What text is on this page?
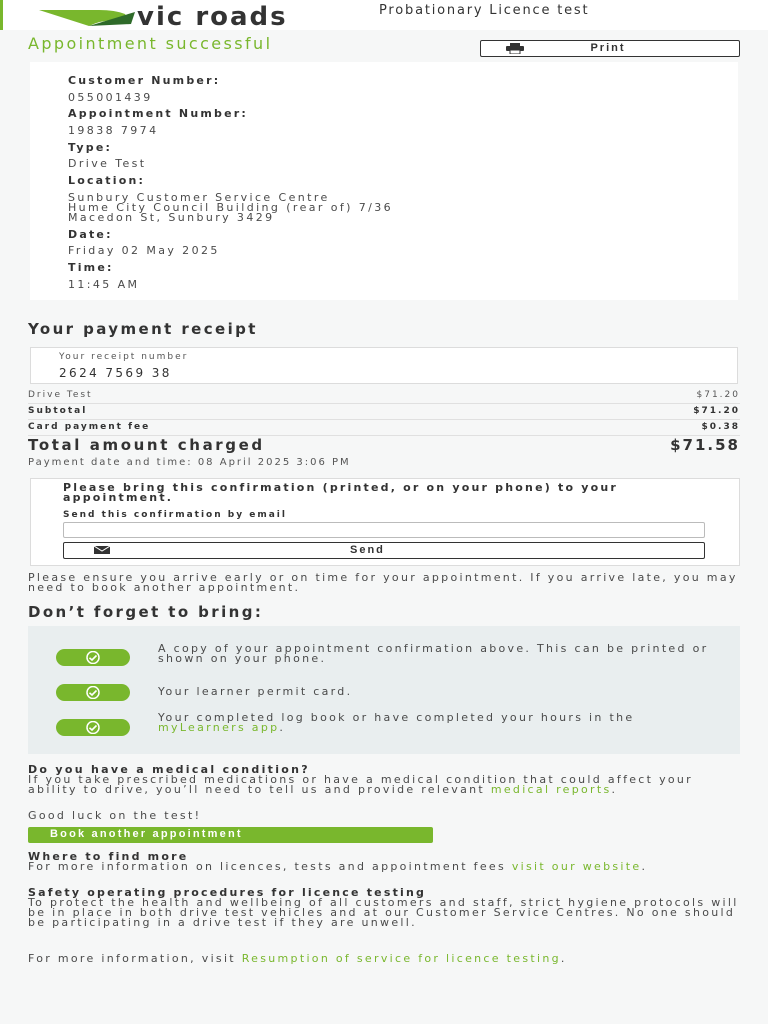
vic roads	Probationary Licence test
Appointment successful	Print
Customer Number:
055001439
Appointment Number:
19838 7974
Type:
Drive Test
Location:
Sunbury Customer Service Centre
Hume City Council Building (rear of) 7/36
Macedon St, Sunbury 3429
Date:
Friday 02 May 2025
Time:
11:45 AM
Your payment receipt
Your receipt number
2624 7569 38
Drive Test	$71.20
Subtotal	$71.20
Card payment fee	$0.38
Total amount charged	$71.58
Payment date and time: 08 April 2025 3:06 PM
Please bring this confirmation (printed, or on your phone) to your appointment.
Send this confirmation by email
Send
Please ensure you arrive early or on time for your appointment. If you arrive late, you may need to book another appointment.
Don’t forget to bring:
A copy of your appointment confirmation above. This can be printed or shown on your phone.
Your learner permit card.
Your completed log book or have completed your hours in the myLearners app.
Do you have a medical condition?
If you take prescribed medications or have a medical condition that could affect your ability to drive, you’ll need to tell us and provide relevant medical reports.
Good luck on the test!
Book another appointment
Where to find more
For more information on licences, tests and appointment fees visit our website.
Safety operating procedures for licence testing
To protect the health and wellbeing of all customers and staff, strict hygiene protocols will be in place in both drive test vehicles and at our Customer Service Centres. No one should be participating in a drive test if they are unwell.
For more information, visit Resumption of service for licence testing.
